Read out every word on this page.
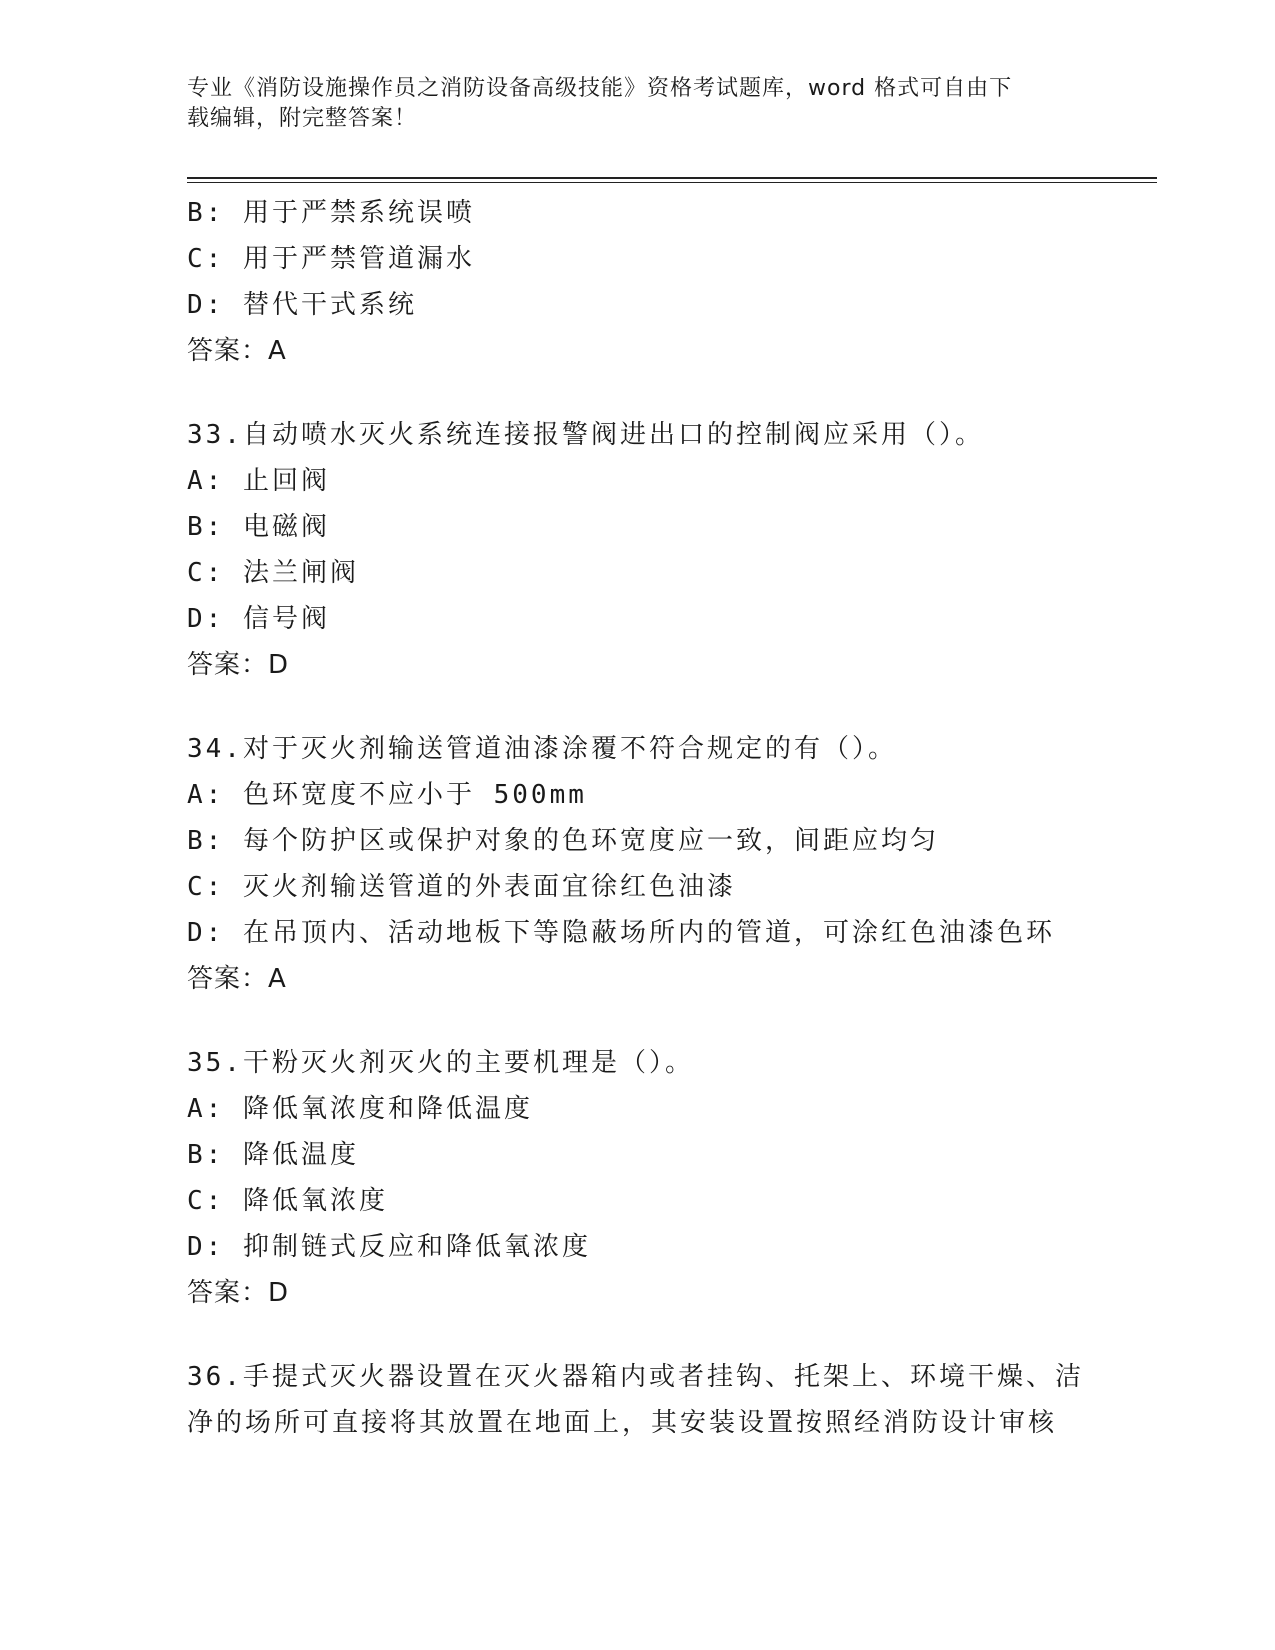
专业《消防设施操作员之消防设备高级技能》资格考试题库，word 格式可自由下
载编辑，附完整答案！
B: 用于严禁系统误喷
C: 用于严禁管道漏水
D: 替代干式系统
答案：A
33.自动喷水灭火系统连接报警阀进出口的控制阀应采用（）。
A: 止回阀
B: 电磁阀
C: 法兰闸阀
D: 信号阀
答案：D
34.对于灭火剂输送管道油漆涂覆不符合规定的有（）。
A: 色环宽度不应小于 500mm
B: 每个防护区或保护对象的色环宽度应一致，间距应均匀
C: 灭火剂输送管道的外表面宜徐红色油漆
D: 在吊顶内、活动地板下等隐蔽场所内的管道，可涂红色油漆色环
答案：A
35.干粉灭火剂灭火的主要机理是（）。
A: 降低氧浓度和降低温度
B: 降低温度
C: 降低氧浓度
D: 抑制链式反应和降低氧浓度
答案：D
36.手提式灭火器设置在灭火器箱内或者挂钩、托架上、环境干燥、洁
净的场所可直接将其放置在地面上，其安装设置按照经消防设计审核
